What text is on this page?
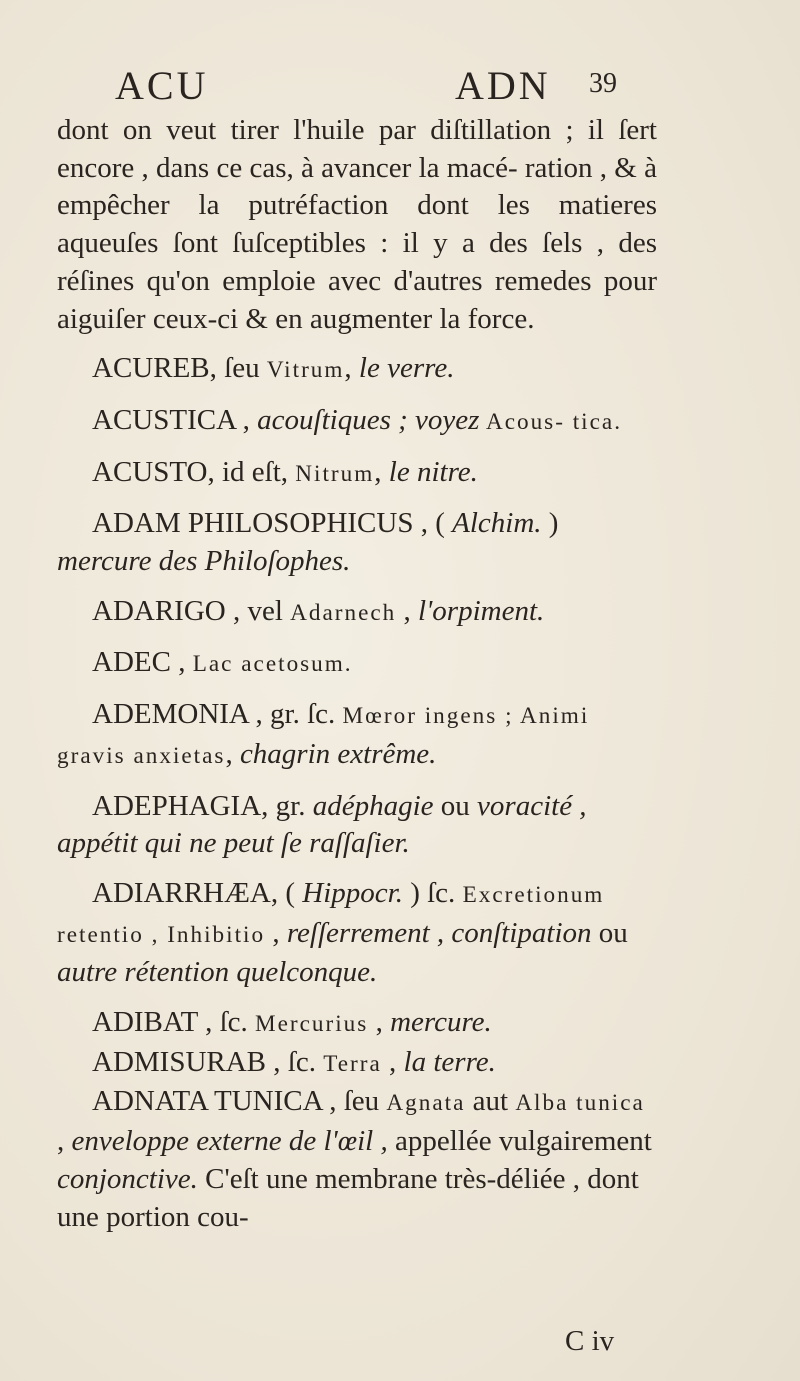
ACU	ADN 39

dont on veut tirer l'huile par diſtillation ; il ſert encore , dans ce cas, à avancer la macé- ration , & à empêcher la putréfaction dont les matieres aqueuſes ſont ſuſceptibles : il y a des ſels , des réſines qu'on emploie avec d'autres remedes pour aiguiſer ceux-ci & en augmenter la force.

ACUREB, ſeu Vitrum, le verre.

ACUSTICA , acouſtiques ; voyez Acous- tica.

ACUSTO, id eſt, Nitrum, le nitre.

ADAM PHILOSOPHICUS , ( Alchim. ) mercure des Philoſophes.

ADARIGO , vel Adarnech , l'orpiment.

ADEC , Lac acetosum.

ADEMONIA , gr. ſc. Mœror ingens ; Animi gravis anxietas, chagrin extrême.

ADEPHAGIA, gr. adéphagie ou voracité , appétit qui ne peut ſe raſſaſier.

ADIARRHÆA, ( Hippocr. ) ſc. Excretionum retentio , Inhibitio , reſſerrement , conſtipation ou autre rétention quelconque.

ADIBAT , ſc. Mercurius , mercure.

ADMISURAB , ſc. Terra , la terre.

ADNATA TUNICA , ſeu Agnata aut Alba tunica , enveloppe externe de l'œil , appellée vulgairement conjonctive. C'eſt une membrane très-déliée , dont une portion cou-

C iv
